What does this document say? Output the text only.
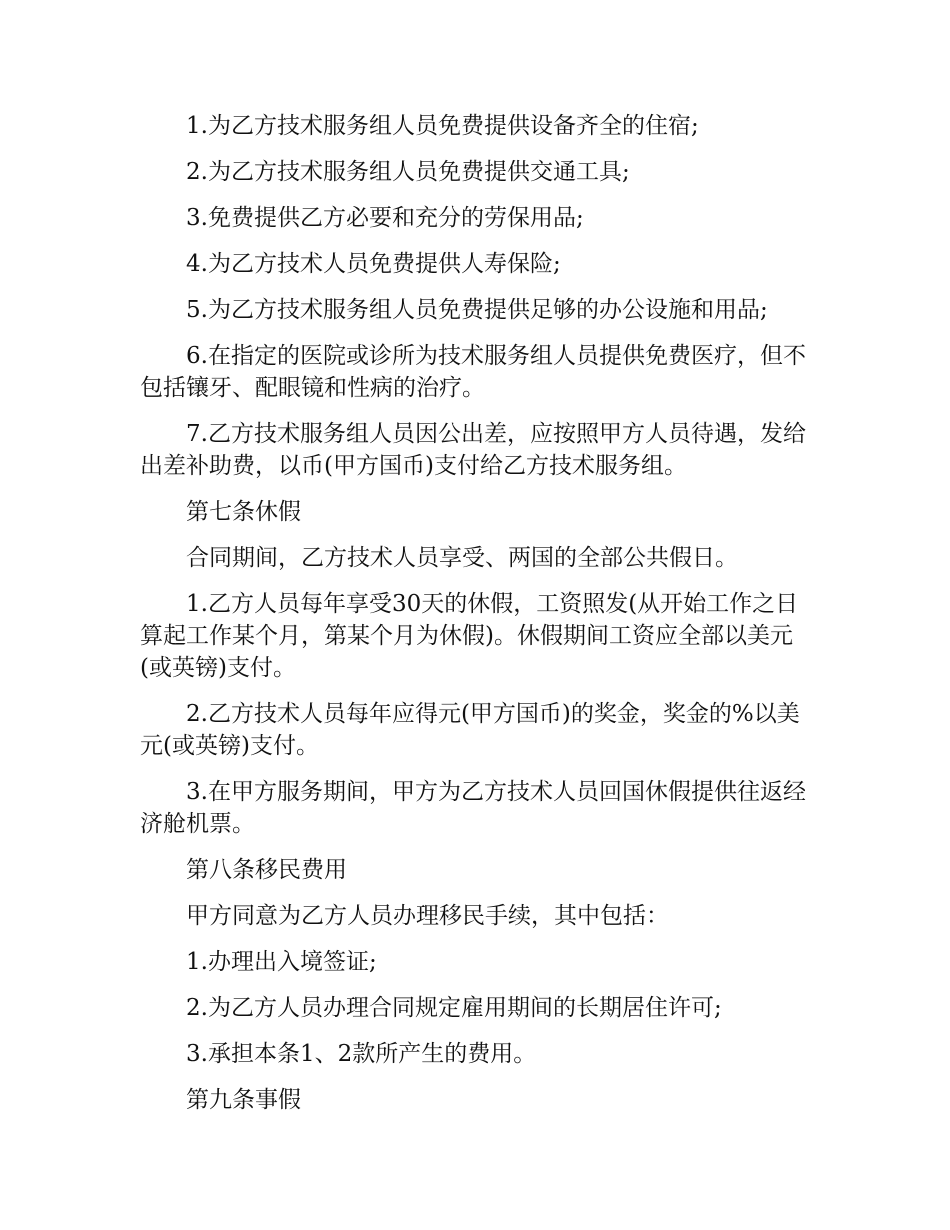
1.为乙方技术服务组人员免费提供设备齐全的住宿;

2.为乙方技术服务组人员免费提供交通工具;

3.免费提供乙方必要和充分的劳保用品;

4.为乙方技术人员免费提供人寿保险;

5.为乙方技术服务组人员免费提供足够的办公设施和用品;

6.在指定的医院或诊所为技术服务组人员提供免费医疗，但不包括镶牙、配眼镜和性病的治疗。

7.乙方技术服务组人员因公出差，应按照甲方人员待遇，发给出差补助费，以币(甲方国币)支付给乙方技术服务组。

第七条休假

合同期间，乙方技术人员享受、两国的全部公共假日。

1.乙方人员每年享受30天的休假，工资照发(从开始工作之日算起工作某个月，第某个月为休假)。休假期间工资应全部以美元(或英镑)支付。

2.乙方技术人员每年应得元(甲方国币)的奖金，奖金的%以美元(或英镑)支付。

3.在甲方服务期间，甲方为乙方技术人员回国休假提供往返经济舱机票。

第八条移民费用

甲方同意为乙方人员办理移民手续，其中包括：

1.办理出入境签证;

2.为乙方人员办理合同规定雇用期间的长期居住许可;

3.承担本条1、2款所产生的费用。

第九条事假
